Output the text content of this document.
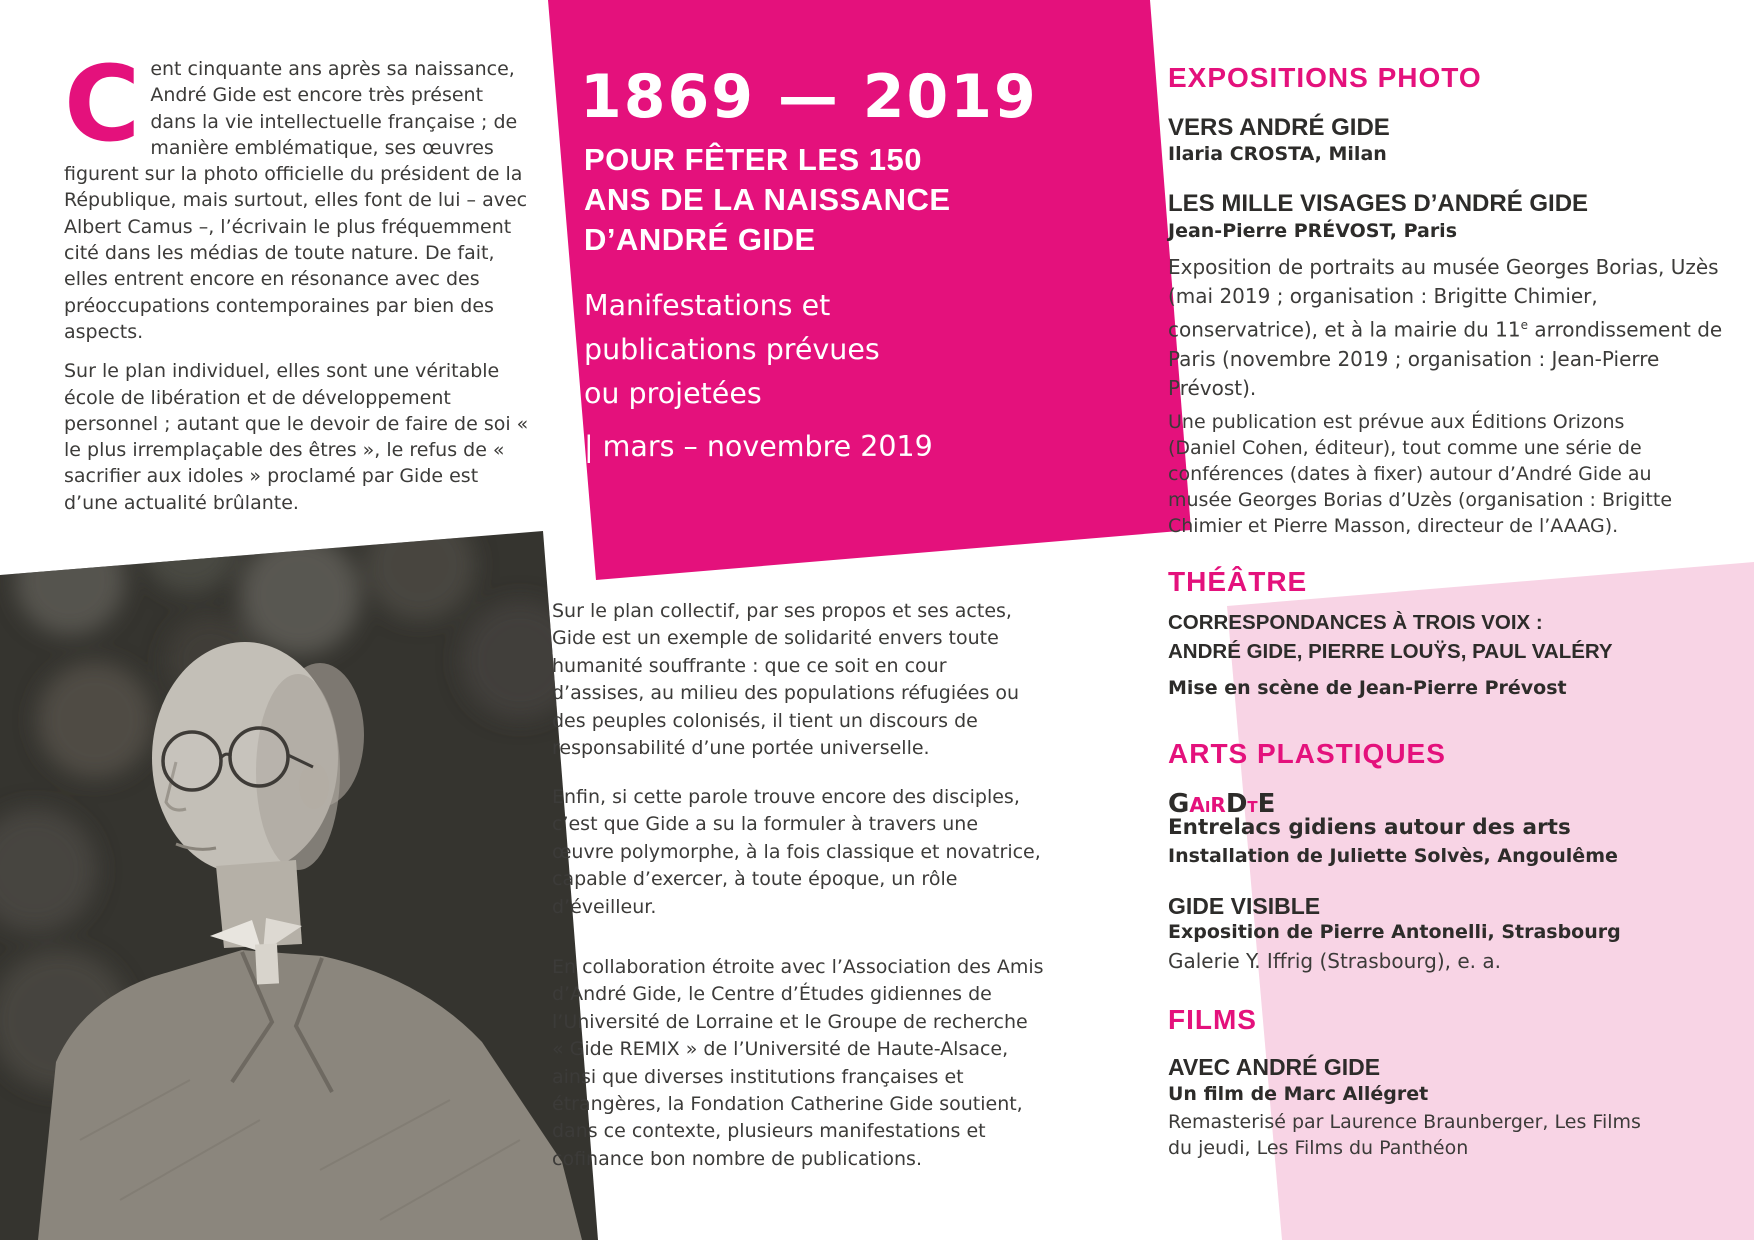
Cent cinquante ans après sa naissance, André Gide est encore très présent dans la vie intellectuelle française ; de manière emblématique, ses œuvres figurent sur la photo officielle du président de la République, mais surtout, elles font de lui – avec Albert Camus –, l’écrivain le plus fréquemment cité dans les médias de toute nature. De fait, elles entrent encore en résonance avec des préoccupations contemporaines par bien des aspects.

Sur le plan individuel, elles sont une véritable école de libération et de développement personnel ; autant que le devoir de faire de soi « le plus irremplaçable des êtres », le refus de « sacrifier aux idoles » proclamé par Gide est d’une actualité brûlante.

1869 — 2019
POUR FÊTER LES 150
ANS DE LA NAISSANCE
D’ANDRÉ GIDE
Manifestations et
publications prévues
ou projetées
| mars – novembre 2019

Sur le plan collectif, par ses propos et ses actes, Gide est un exemple de solidarité envers toute humanité souffrante : que ce soit en cour d’assises, au milieu des populations réfugiées ou des peuples colonisés, il tient un discours de responsabilité d’une portée universelle.

Enfin, si cette parole trouve encore des disciples, c’est que Gide a su la formuler à travers une œuvre polymorphe, à la fois classique et novatrice, capable d’exercer, à toute époque, un rôle d’éveilleur.

En collaboration étroite avec l’Association des Amis d’André Gide, le Centre d’Études gidiennes de l’Université de Lorraine et le Groupe de recherche « Gide REMIX » de l’Université de Haute-Alsace, ainsi que diverses institutions françaises et étrangères, la Fondation Catherine Gide soutient, dans ce contexte, plusieurs manifestations et cofinance bon nombre de publications.

EXPOSITIONS PHOTO
VERS ANDRÉ GIDE
Ilaria CROSTA, Milan
LES MILLE VISAGES D’ANDRÉ GIDE
Jean-Pierre PRÉVOST, Paris

Exposition de portraits au musée Georges Borias, Uzès (mai 2019 ; organisation : Brigitte Chimier, conservatrice), et à la mairie du 11e arrondissement de Paris (novembre 2019 ; organisation : Jean-Pierre Prévost).

Une publication est prévue aux Éditions Orizons (Daniel Cohen, éditeur), tout comme une série de conférences (dates à fixer) autour d’André Gide au musée Georges Borias d’Uzès (organisation : Brigitte Chimier et Pierre Masson, directeur de l’AAAG).

THÉÂTRE
CORRESPONDANCES À TROIS VOIX :
ANDRÉ GIDE, PIERRE LOUŸS, PAUL VALÉRY
Mise en scène de Jean-Pierre Prévost
ARTS PLASTIQUES
GAIRDTE
Entrelacs gidiens autour des arts
Installation de Juliette Solvès, Angoulême
GIDE VISIBLE
Exposition de Pierre Antonelli, Strasbourg
Galerie Y. Iffrig (Strasbourg), e. a.
FILMS
AVEC ANDRÉ GIDE
Un film de Marc Allégret

Remasterisé par Laurence Braunberger, Les Films du jeudi, Les Films du Panthéon
